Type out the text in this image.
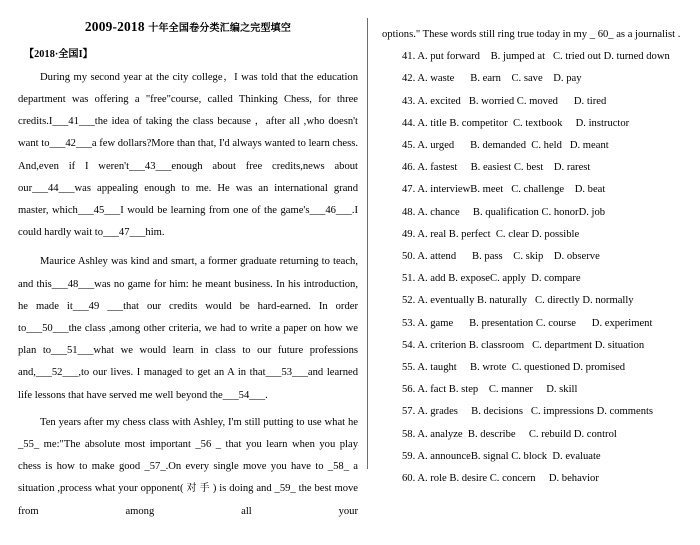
2009-2018 十年全国卷分类汇编之完型填空
【2018·全国I】

During my second year at the city college，I was told that the education department was offering a "free"course, called Thinking Chess, for three credits.I___41___the idea of taking the class because ，after all ,who doesn't want to___42___a few dollars?More than that, I'd always wanted to learn chess. And,even if I weren't___43___enough about free credits,news about our___44___was appealing enough to me. He was an international grand master, which___45___I would be learning from one of the game's___46___.I could hardly wait to___47___him.

Maurice Ashley was kind and smart, a former graduate returning to teach, and this___48___was no game for him: he meant business. In his introduction, he made it___49 ___that our credits would be hard-earned. In order to___50___the class ,among other criteria, we had to write a paper on how we plan to___51___what we would learn in class to our future professions and,___52___,to our lives. I managed to get an A in that___53___and learned life lessons that have served me well beyond the___54___.

Ten years after my chess class with Ashley, I'm still putting to use what he _55_ me:"The absolute most important _56 _ that you learn when you play chess is how to make good _57_.On every single move you have to _58_ a situation ,process what your opponent( 对 手 ) is doing and _59_ the best move from among all your

options." These words still ring true today in my _ 60_ as a journalist .

41. A. put forward B. jumped at C. tried out D. turned down
42. A. waste B. earn C. save D. pay
43. A. excited B. worried C. moved D. tired
44. A. title B. competitor C. textbook D. instructor
45. A. urged B. demanded C. held D. meant
46. A. fastest B. easiest C. best D. rarest
47. A. interviewB. meet C. challenge D. beat
48. A. chance B. qualification C. honorD. job
49. A. real B. perfect C. clear D. possible
50. A. attend B. pass C. skip D. observe
51. A. add B. exposeC. apply D. compare
52. A. eventually B. naturally C. directly D. normally
53. A. game B. presentation C. course D. experiment
54. A. criterion B. classroom C. department D. situation
55. A. taught B. wrote C. questioned D. promised
56. A. fact B. step C. manner D. skill
57. A. grades B. decisions C. impressions D. comments
58. A. analyze B. describe C. rebuild D. control
59. A. announceB. signal C. block D. evaluate
60. A. role B. desire C. concern D. behavior
